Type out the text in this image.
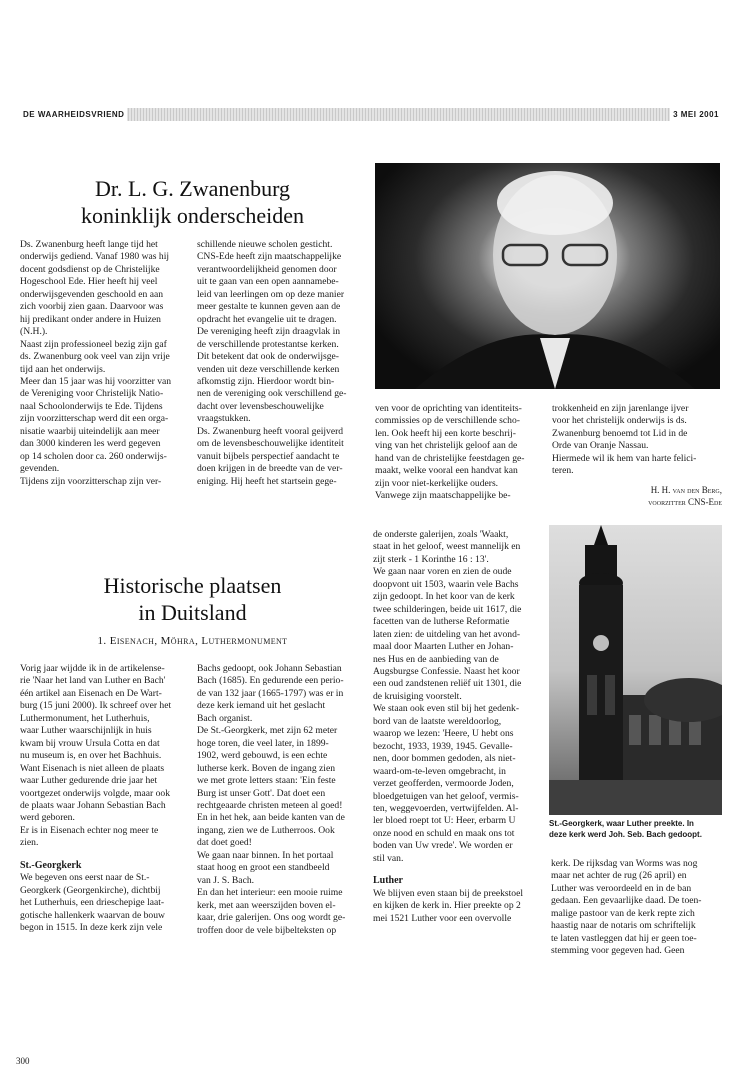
DE WAARHEIDSVRIEND	3 MEI 2001
Dr. L. G. Zwanenburg
koninklijk onderscheiden

Ds. Zwanenburg heeft lange tijd het

onderwijs gediend. Vanaf 1980 was hij

docent godsdienst op de Christelijke

Hogeschool Ede. Hier heeft hij veel

onderwijsgevenden geschoold en aan

zich voorbij zien gaan. Daarvoor was

hij predikant onder andere in Huizen

(N.H.).

Naast zijn professioneel bezig zijn gaf

ds. Zwanenburg ook veel van zijn vrije

tijd aan het onderwijs.

Meer dan 15 jaar was hij voorzitter van

de Vereniging voor Christelijk Natio-

naal Schoolonderwijs te Ede. Tijdens

zijn voorzitterschap werd dit een orga-

nisatie waarbij uiteindelijk aan meer

dan 3000 kinderen les werd gegeven

op 14 scholen door ca. 260 onderwijs-

gevenden.

Tijdens zijn voorzitterschap zijn ver-

schillende nieuwe scholen gesticht.

CNS-Ede heeft zijn maatschappelijke

verantwoordelijkheid genomen door

uit te gaan van een open aannamebe-

leid van leerlingen om op deze manier

meer gestalte te kunnen geven aan de

opdracht het evangelie uit te dragen.

De vereniging heeft zijn draagvlak in

de verschillende protestantse kerken.

Dit betekent dat ook de onderwijsge-

venden uit deze verschillende kerken

afkomstig zijn. Hierdoor wordt bin-

nen de vereniging ook verschillend ge-

dacht over levensbeschouwelijke

vraagstukken.

Ds. Zwanenburg heeft vooral geijverd

om de levensbeschouwelijke identiteit

vanuit bijbels perspectief aandacht te

doen krijgen in de breedte van de ver-

eniging. Hij heeft het startsein gege-

ven voor de oprichting van identiteits-

commissies op de verschillende scho-

len. Ook heeft hij een korte beschrij-

ving van het christelijk geloof aan de

hand van de christelijke feestdagen ge-

maakt, welke vooral een handvat kan

zijn voor niet-kerkelijke ouders.

Vanwege zijn maatschappelijke be-

trokkenheid en zijn jarenlange ijver

voor het christelijk onderwijs is ds.

Zwanenburg benoemd tot Lid in de

Orde van Oranje Nassau.

Hiermede wil ik hem van harte felici-

teren.

H. H. van den Berg,

voorzitter CNS-Ede

Historische plaatsen
in Duitsland
1. Eisenach, Möhra, Luthermonument

Vorig jaar wijdde ik in de artikelense-

rie 'Naar het land van Luther en Bach'

één artikel aan Eisenach en De Wart-

burg (15 juni 2000). Ik schreef over het

Luthermonument, het Lutherhuis,

waar Luther waarschijnlijk in huis

kwam bij vrouw Ursula Cotta en dat

nu museum is, en over het Bachhuis.

Want Eisenach is niet alleen de plaats

waar Luther gedurende drie jaar het

voortgezet onderwijs volgde, maar ook

de plaats waar Johann Sebastian Bach

werd geboren.

Er is in Eisenach echter nog meer te

zien.

St.-Georgkerk

We begeven ons eerst naar de St.-

Georgkerk (Georgenkirche), dichtbij

het Lutherhuis, een drieschepige laat-

gotische hallenkerk waarvan de bouw

begon in 1515. In deze kerk zijn vele

Bachs gedoopt, ook Johann Sebastian

Bach (1685). En gedurende een perio-

de van 132 jaar (1665-1797) was er in

deze kerk iemand uit het geslacht

Bach organist.

De St.-Georgkerk, met zijn 62 meter

hoge toren, die veel later, in 1899-

1902, werd gebouwd, is een echte

lutherse kerk. Boven de ingang zien

we met grote letters staan: 'Ein feste

Burg ist unser Gott'. Dat doet een

rechtgeaarde christen meteen al goed!

En in het hek, aan beide kanten van de

ingang, zien we de Lutherroos. Ook

dat doet goed!

We gaan naar binnen. In het portaal

staat hoog en groot een standbeeld

van J. S. Bach.

En dan het interieur: een mooie ruime

kerk, met aan weerszijden boven el-

kaar, drie galerijen. Ons oog wordt ge-

troffen door de vele bijbelteksten op

de onderste galerijen, zoals 'Waakt,

staat in het geloof, weest mannelijk en

zijt sterk - 1 Korinthe 16 : 13'.

We gaan naar voren en zien de oude

doopvont uit 1503, waarin vele Bachs

zijn gedoopt. In het koor van de kerk

twee schilderingen, beide uit 1617, die

facetten van de lutherse Reformatie

laten zien: de uitdeling van het avond-

maal door Maarten Luther en Johan-

nes Hus en de aanbieding van de

Augsburgse Confessie. Naast het koor

een oud zandstenen reliëf uit 1301, die

de kruisiging voorstelt.

We staan ook even stil bij het gedenk-

bord van de laatste wereldoorlog,

waarop we lezen: 'Heere, U hebt ons

bezocht, 1933, 1939, 1945. Gevalle-

nen, door bommen gedoden, als niet-

waard-om-te-leven omgebracht, in

verzet geofferden, vermoorde Joden,

bloedgetuigen van het geloof, vermis-

ten, weggevoerden, vertwijfelden. Al-

ler bloed roept tot U: Heer, erbarm U

onze nood en schuld en maak ons tot

boden van Uw vrede'. We worden er

stil van.

Luther

We blijven even staan bij de preekstoel

en kijken de kerk in. Hier preekte op 2

mei 1521 Luther voor een overvolle

St.-Georgkerk, waar Luther preekte. In
deze kerk werd Joh. Seb. Bach gedoopt.

kerk. De rijksdag van Worms was nog

maar net achter de rug (26 april) en

Luther was veroordeeld en in de ban

gedaan. Een gevaarlijke daad. De toen-

malige pastoor van de kerk repte zich

haastig naar de notaris om schriftelijk

te laten vastleggen dat hij er geen toe-

stemming voor gegeven had. Geen

300
